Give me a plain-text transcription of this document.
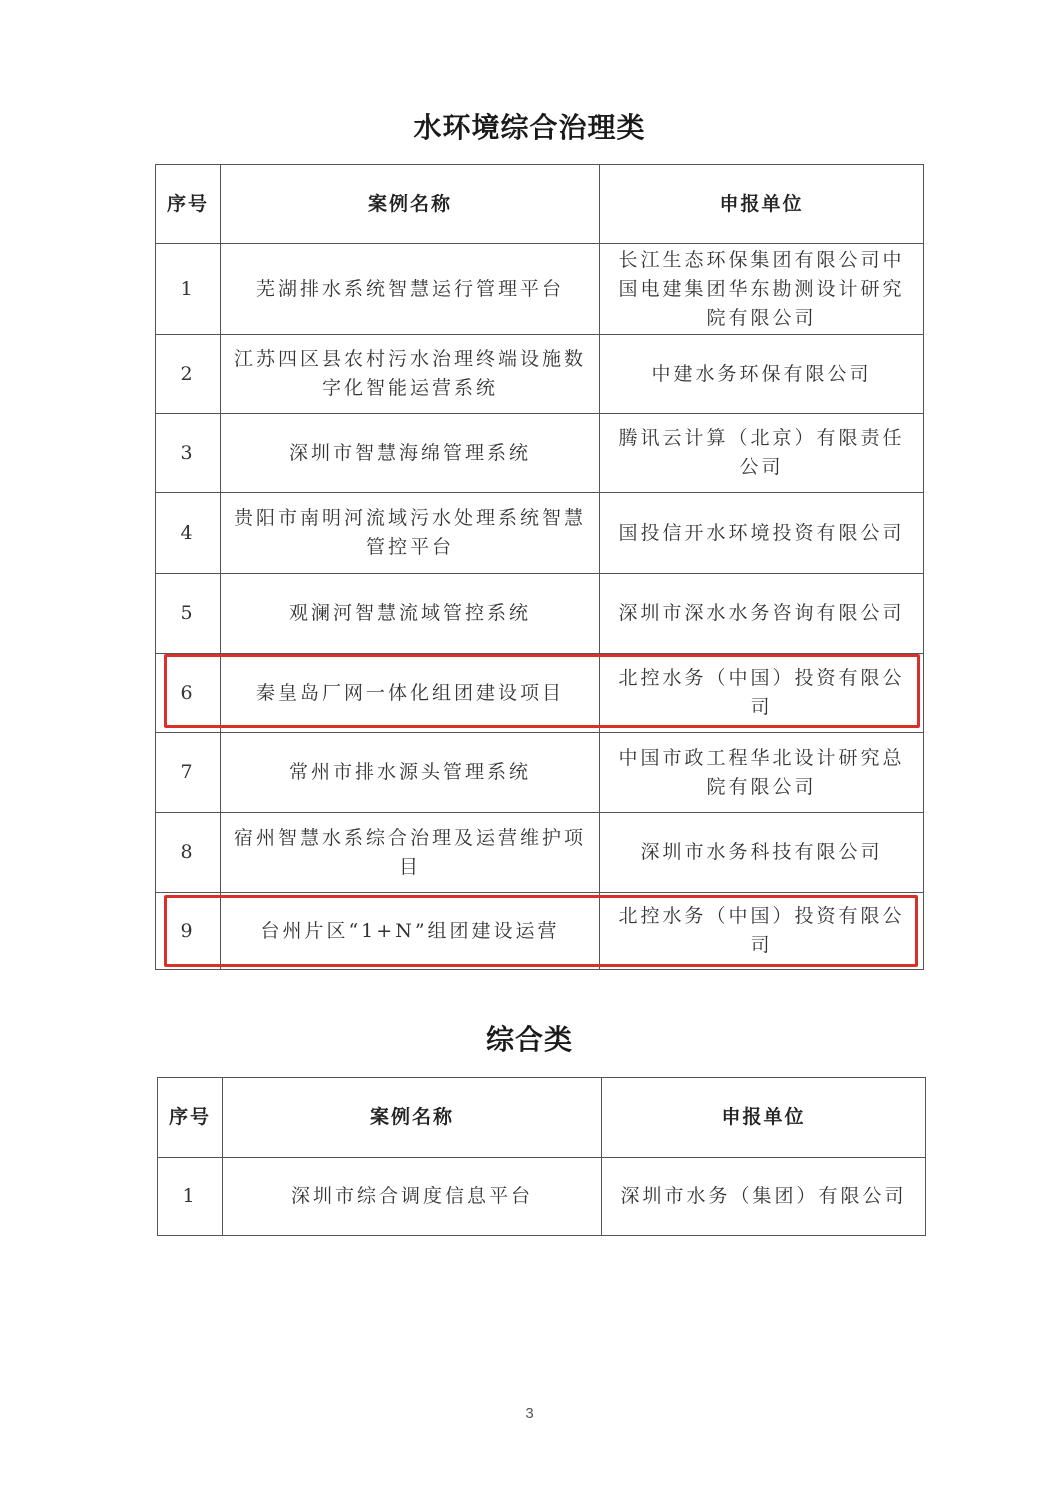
水环境综合治理类
序号	案例名称	申报单位
1	芜湖排水系统智慧运行管理平台	长江生态环保集团有限公司中国电建集团华东勘测设计研究院有限公司
2	江苏四区县农村污水治理终端设施数字化智能运营系统	中建水务环保有限公司
3	深圳市智慧海绵管理系统	腾讯云计算（北京）有限责任公司
4	贵阳市南明河流域污水处理系统智慧管控平台	国投信开水环境投资有限公司
5	观澜河智慧流域管控系统	深圳市深水水务咨询有限公司
6	秦皇岛厂网一体化组团建设项目	北控水务（中国）投资有限公司
7	常州市排水源头管理系统	中国市政工程华北设计研究总院有限公司
8	宿州智慧水系综合治理及运营维护项目	深圳市水务科技有限公司
9	台州片区“1+N”组团建设运营	北控水务（中国）投资有限公司
综合类
序号	案例名称	申报单位
1	深圳市综合调度信息平台	深圳市水务（集团）有限公司
3
